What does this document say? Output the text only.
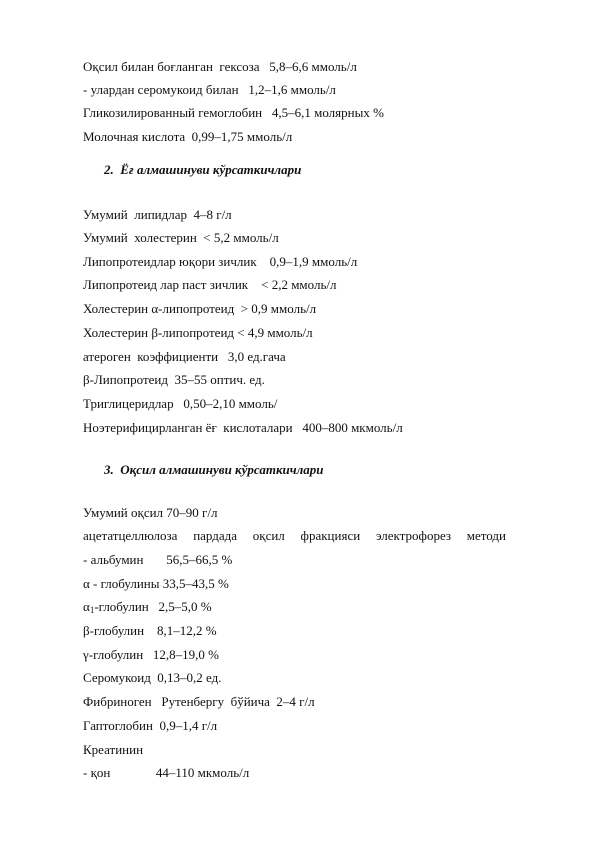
Оқсил билан боғланган  гексоза   5,8–6,6 ммоль/л
- улардан серомукоид билан   1,2–1,6 ммоль/л
Гликозилированный гемоглобин   4,5–6,1 молярных %
Молочная кислота  0,99–1,75 ммоль/л
2.  Ёғ алмашинуви кўрсаткичлари
Умумий  липидлар  4–8 г/л
Умумий  холестерин  < 5,2 ммоль/л
Липопротеидлар юқори зичлик    0,9–1,9 ммоль/л
Липопротеид лар паст зичлик    < 2,2 ммоль/л
Холестерин α-липопротеид  > 0,9 ммоль/л
Холестерин β-липопротеид < 4,9 ммоль/л
атероген  коэффициенти   3,0 ед.гача
β-Липопротеид  35–55 оптич. ед.
Триглицеридлар   0,50–2,10 ммоль/
Ноэтерифицирланган ёғ  кислоталари   400–800 мкмоль/л
3.  Оқсил алмашинуви кўрсаткичлари
Умумий оқсил 70–90 г/л
ацетатцеллюлоза пардада оқсил фракцияси электрофорез методи
- альбумин       56,5–66,5 %
α - глобулины 33,5–43,5 %
$\alpha_1$-глобулин   2,5–5,0 %
β-глобулин    8,1–12,2 %
γ-глобулин   12,8–19,0 %
Серомукоид  0,13–0,2 ед.
Фибриноген   Рутенбергу  бўйича  2–4 г/л
Гаптоглобин  0,9–1,4 г/л
Креатинин
- қон              44–110 мкмоль/л
